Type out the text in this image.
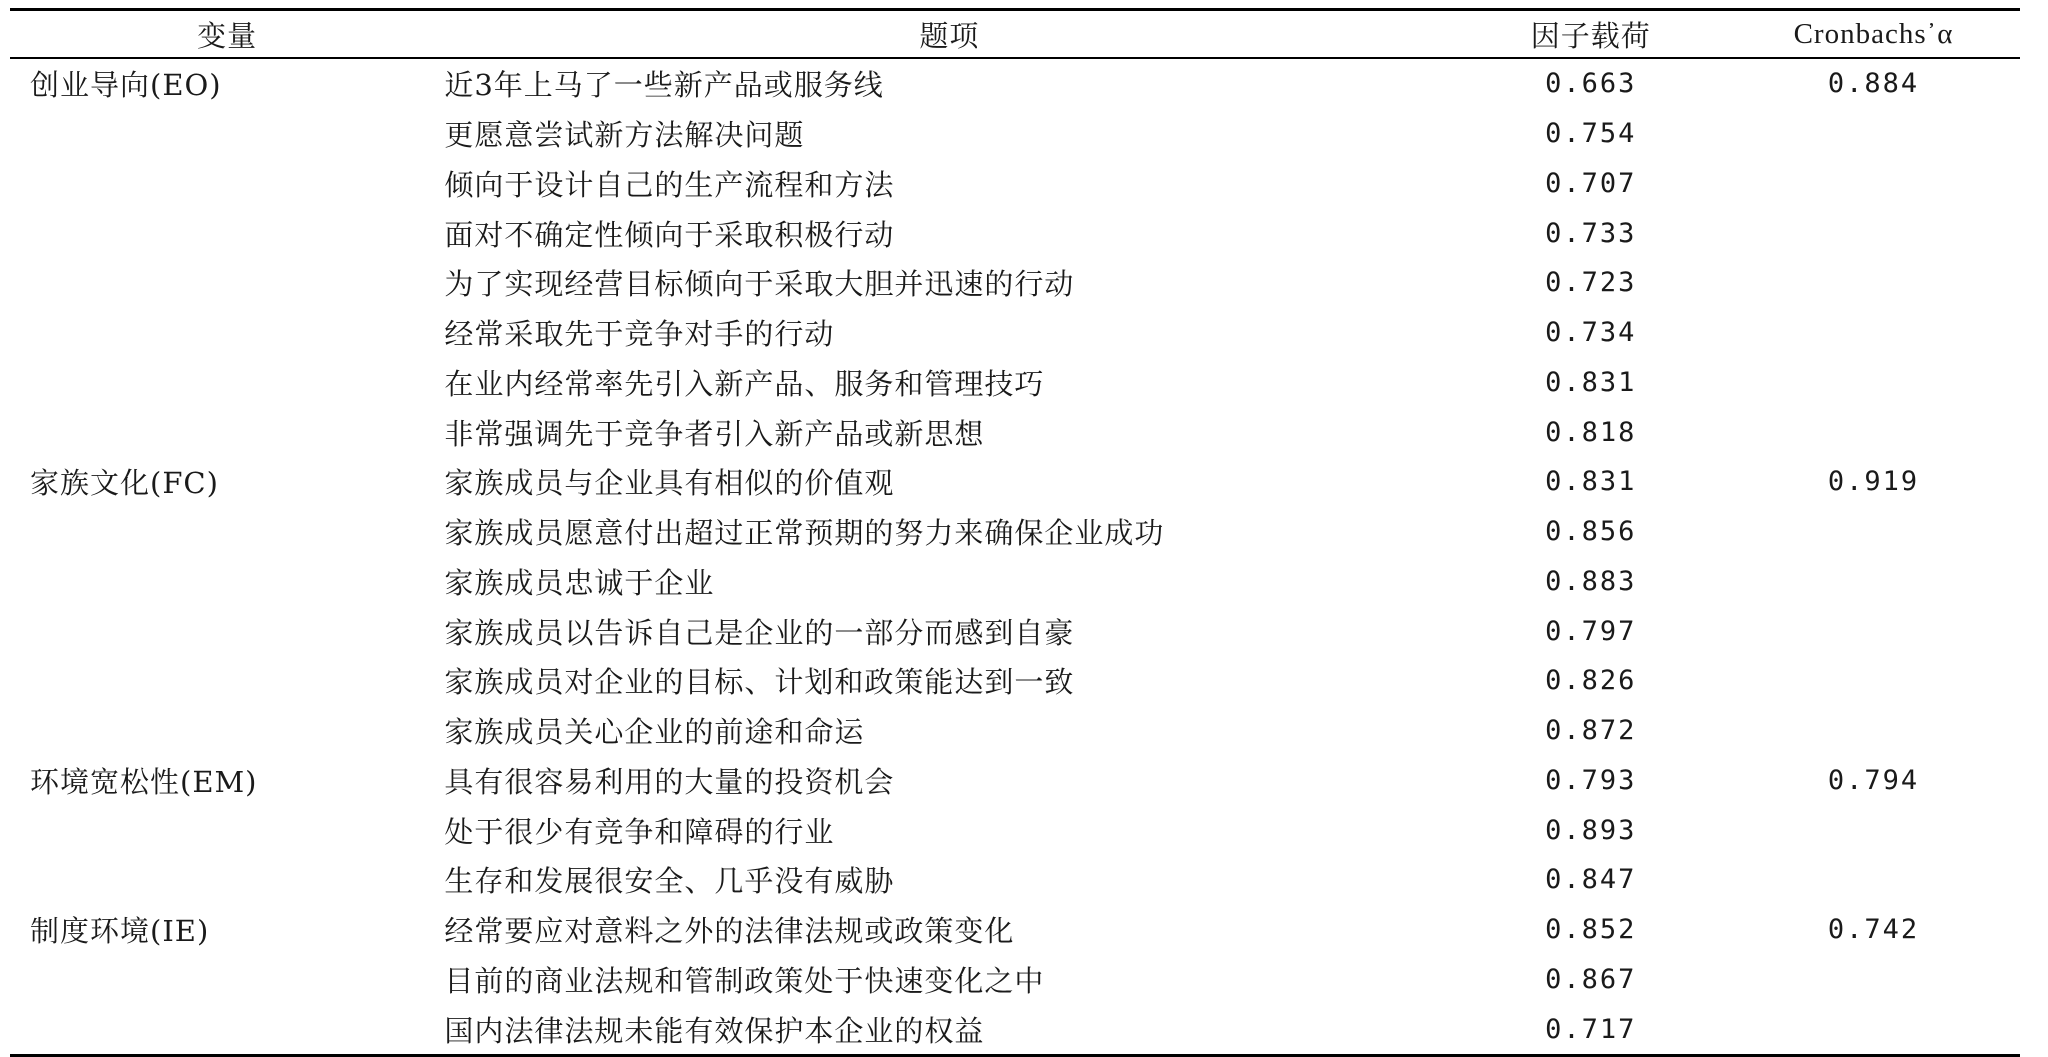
变量	题项	因子载荷	Cronbachs᾽α
创业导向(EO)	近3年上马了一些新产品或服务线	0.663	0.884
	更愿意尝试新方法解决问题	0.754	
	倾向于设计自己的生产流程和方法	0.707	
	面对不确定性倾向于采取积极行动	0.733	
	为了实现经营目标倾向于采取大胆并迅速的行动	0.723	
	经常采取先于竞争对手的行动	0.734	
	在业内经常率先引入新产品、服务和管理技巧	0.831	
	非常强调先于竞争者引入新产品或新思想	0.818	
家族文化(FC)	家族成员与企业具有相似的价值观	0.831	0.919
	家族成员愿意付出超过正常预期的努力来确保企业成功	0.856	
	家族成员忠诚于企业	0.883	
	家族成员以告诉自己是企业的一部分而感到自豪	0.797	
	家族成员对企业的目标、计划和政策能达到一致	0.826	
	家族成员关心企业的前途和命运	0.872	
环境宽松性(EM)	具有很容易利用的大量的投资机会	0.793	0.794
	处于很少有竞争和障碍的行业	0.893	
	生存和发展很安全、几乎没有威胁	0.847	
制度环境(IE)	经常要应对意料之外的法律法规或政策变化	0.852	0.742
	目前的商业法规和管制政策处于快速变化之中	0.867	
	国内法律法规未能有效保护本企业的权益	0.717	
